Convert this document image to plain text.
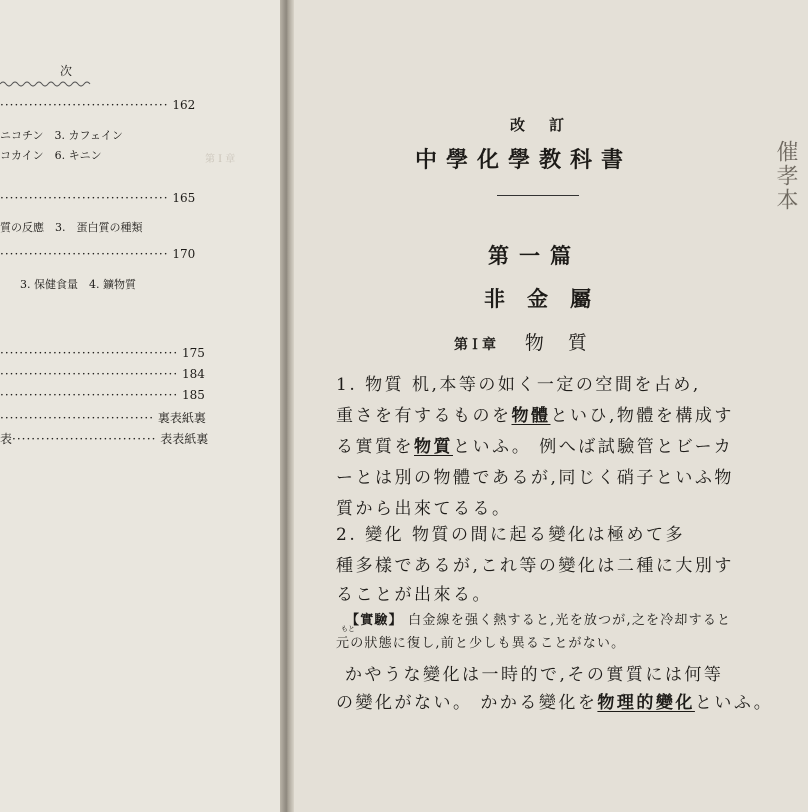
次
··································· 162
ニコチン　3. カフェイン
コカイン　6. キニン	第 I 章
··································· 165
質の反應　3.　蛋白質の種類
··································· 170
3. 保健食量　4. 鑛物質
····································· 175
····································· 184
····································· 185
································ 裏表紙裏
表······························ 表表紙裏
改訂
中學化學教科書
第一篇
非金屬
第Ｉ章 物質
1. 物質 机,本等の如く一定の空間を占め,
重さを有するものを物體といひ,物體を構成す
る實質を物質といふ。 例へば試驗管とビーカ
ーとは別の物體であるが,同じく硝子といふ物
質から出來てるる。
2. 變化 物質の間に起る變化は極めて多
種多樣であるが,これ等の變化は二種に大別す
ることが出來る。
【實驗】 白金線を强く熱すると,光を放つが,之を冷却すると
もと
元の狀態に復し,前と少しも異ることがない。
かやうな變化は一時的で,その實質には何等
の變化がない。 かかる變化を物理的變化といふ。
催孝本
